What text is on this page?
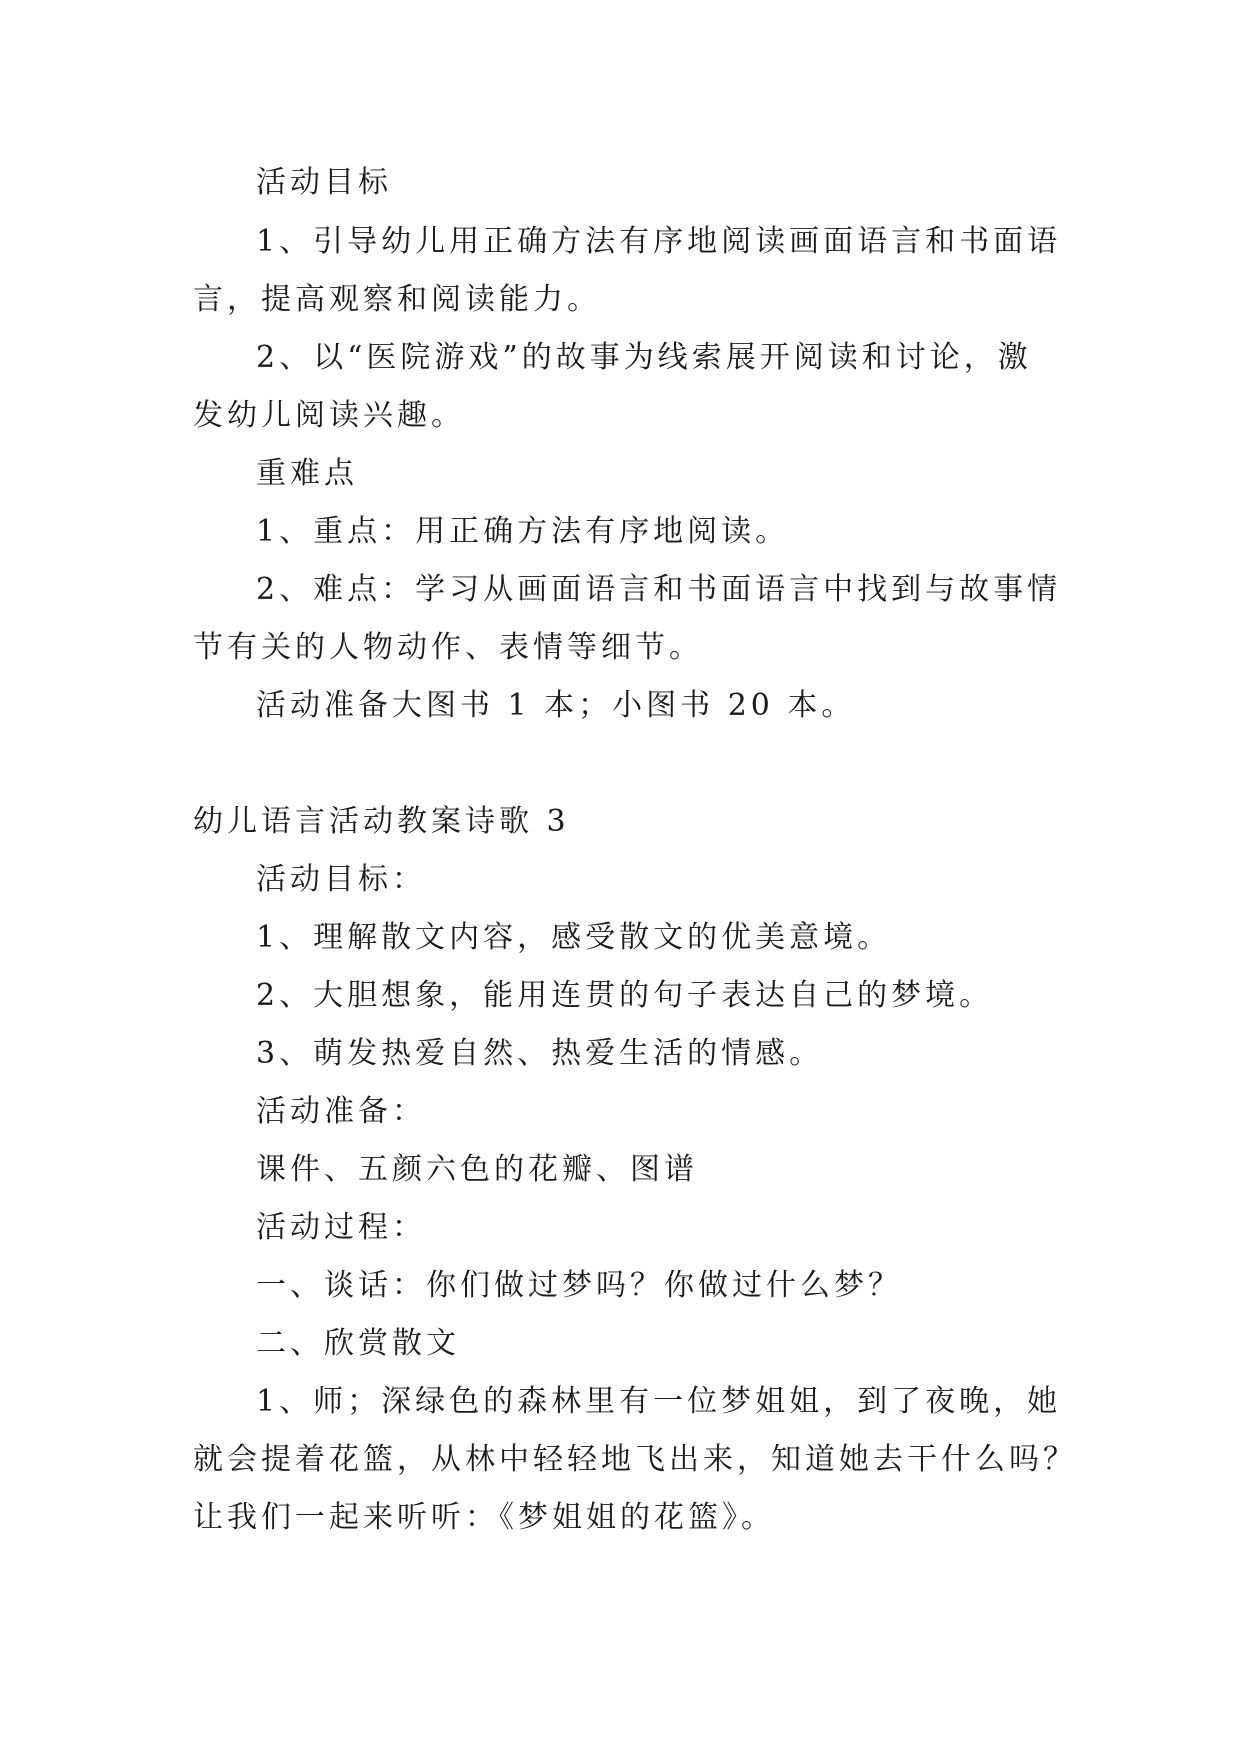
活动目标
1、引导幼儿用正确方法有序地阅读画面语言和书面语
言，提高观察和阅读能力。
2、以“医院游戏”的故事为线索展开阅读和讨论，激
发幼儿阅读兴趣。
重难点
1、重点：用正确方法有序地阅读。
2、难点：学习从画面语言和书面语言中找到与故事情
节有关的人物动作、表情等细节。
活动准备大图书 1 本；小图书 20 本。
幼儿语言活动教案诗歌 3
活动目标：
1、理解散文内容，感受散文的优美意境。
2、大胆想象，能用连贯的句子表达自己的梦境。
3、萌发热爱自然、热爱生活的情感。
活动准备：
课件、五颜六色的花瓣、图谱
活动过程：
一、谈话：你们做过梦吗？你做过什么梦？
二、欣赏散文
1、师；深绿色的森林里有一位梦姐姐，到了夜晚，她
就会提着花篮，从林中轻轻地飞出来，知道她去干什么吗？
让我们一起来听听：《梦姐姐的花篮》。
